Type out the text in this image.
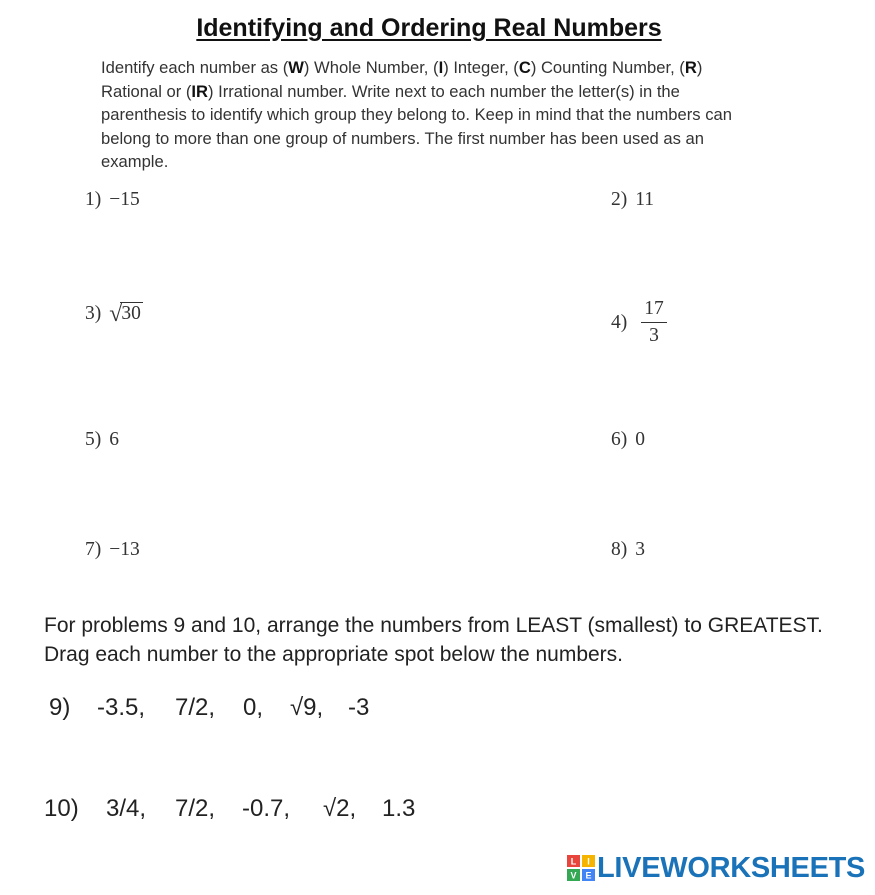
Identifying and Ordering Real Numbers
Identify each number as (W) Whole Number, (I) Integer, (C) Counting Number, (R) Rational or (IR) Irrational number. Write next to each number the letter(s) in the parenthesis to identify which group they belong to. Keep in mind that the numbers can belong to more than one group of numbers. The first number has been used as an example.
1) −15	2) 11
3) √30	$4) \frac{17}{3}$
5) 6	6) 0
7) −13	8) 3
For problems 9 and 10, arrange the numbers from LEAST (smallest) to GREATEST. Drag each number to the appropriate spot below the numbers.
9) -3.5, 7/2, 0, √9, -3
10) 3/4, 7/2, -0.7, √2, 1.3
L I
V E LIVEWORKSHEETS
